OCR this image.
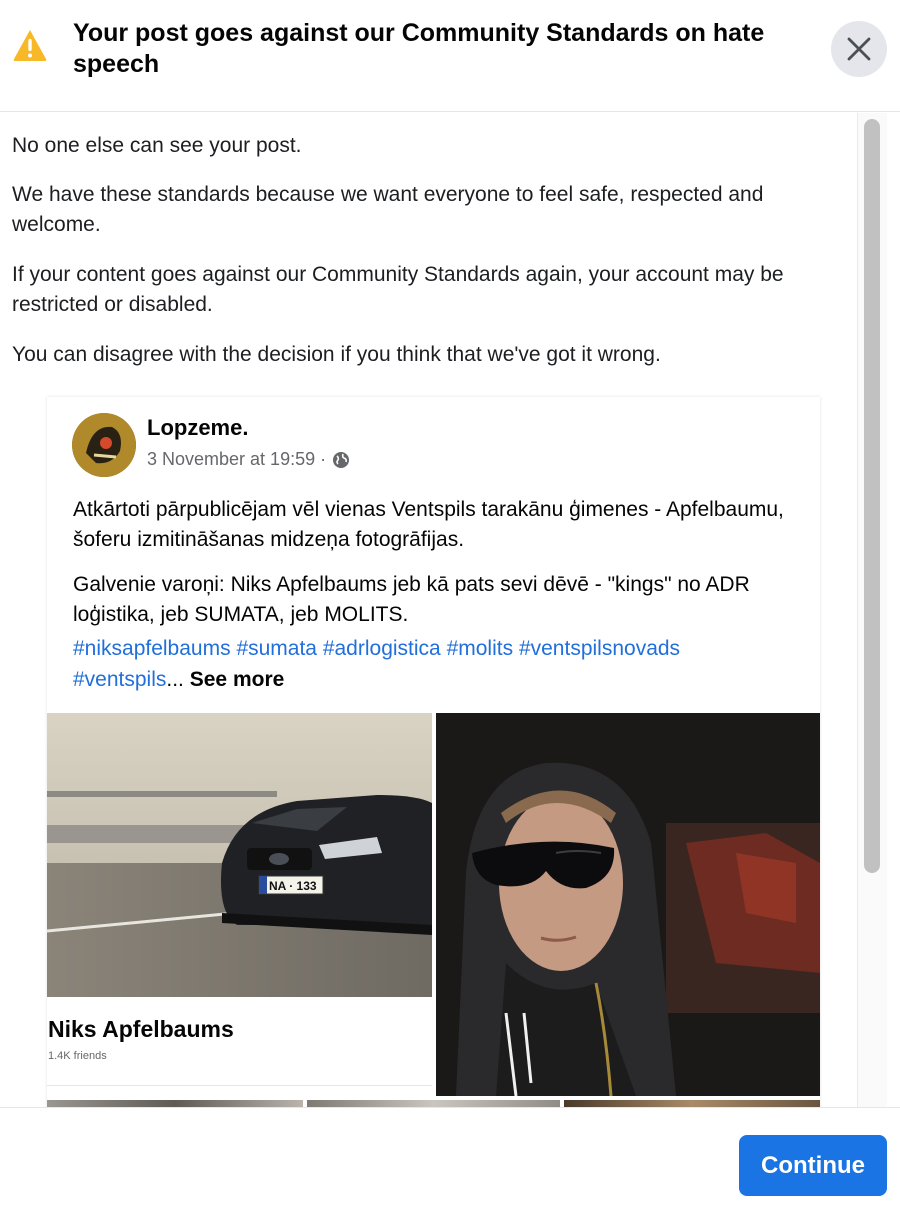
Your post goes against our Community Standards on hate speech
No one else can see your post.
We have these standards because we want everyone to feel safe, respected and welcome.
If your content goes against our Community Standards again, your account may be restricted or disabled.
You can disagree with the decision if you think that we've got it wrong.
Lopzeme.
3 November at 19:59 ·
Atkārtoti pārpublicējam vēl vienas Ventspils tarakānu ģimenes - Apfelbaumu, šoferu izmitināšanas midzeņa fotogrāfijas.
Galvenie varoņi: Niks Apfelbaums jeb kā pats sevi dēvē - "kings" no ADR loģistika, jeb SUMATA, jeb MOLITS.
#niksapfelbaums #sumata #adrlogistica #molits #ventspilsnovads
#ventspils... See more
NA · 133
Niks Apfelbaums
1.4K friends
Continue
